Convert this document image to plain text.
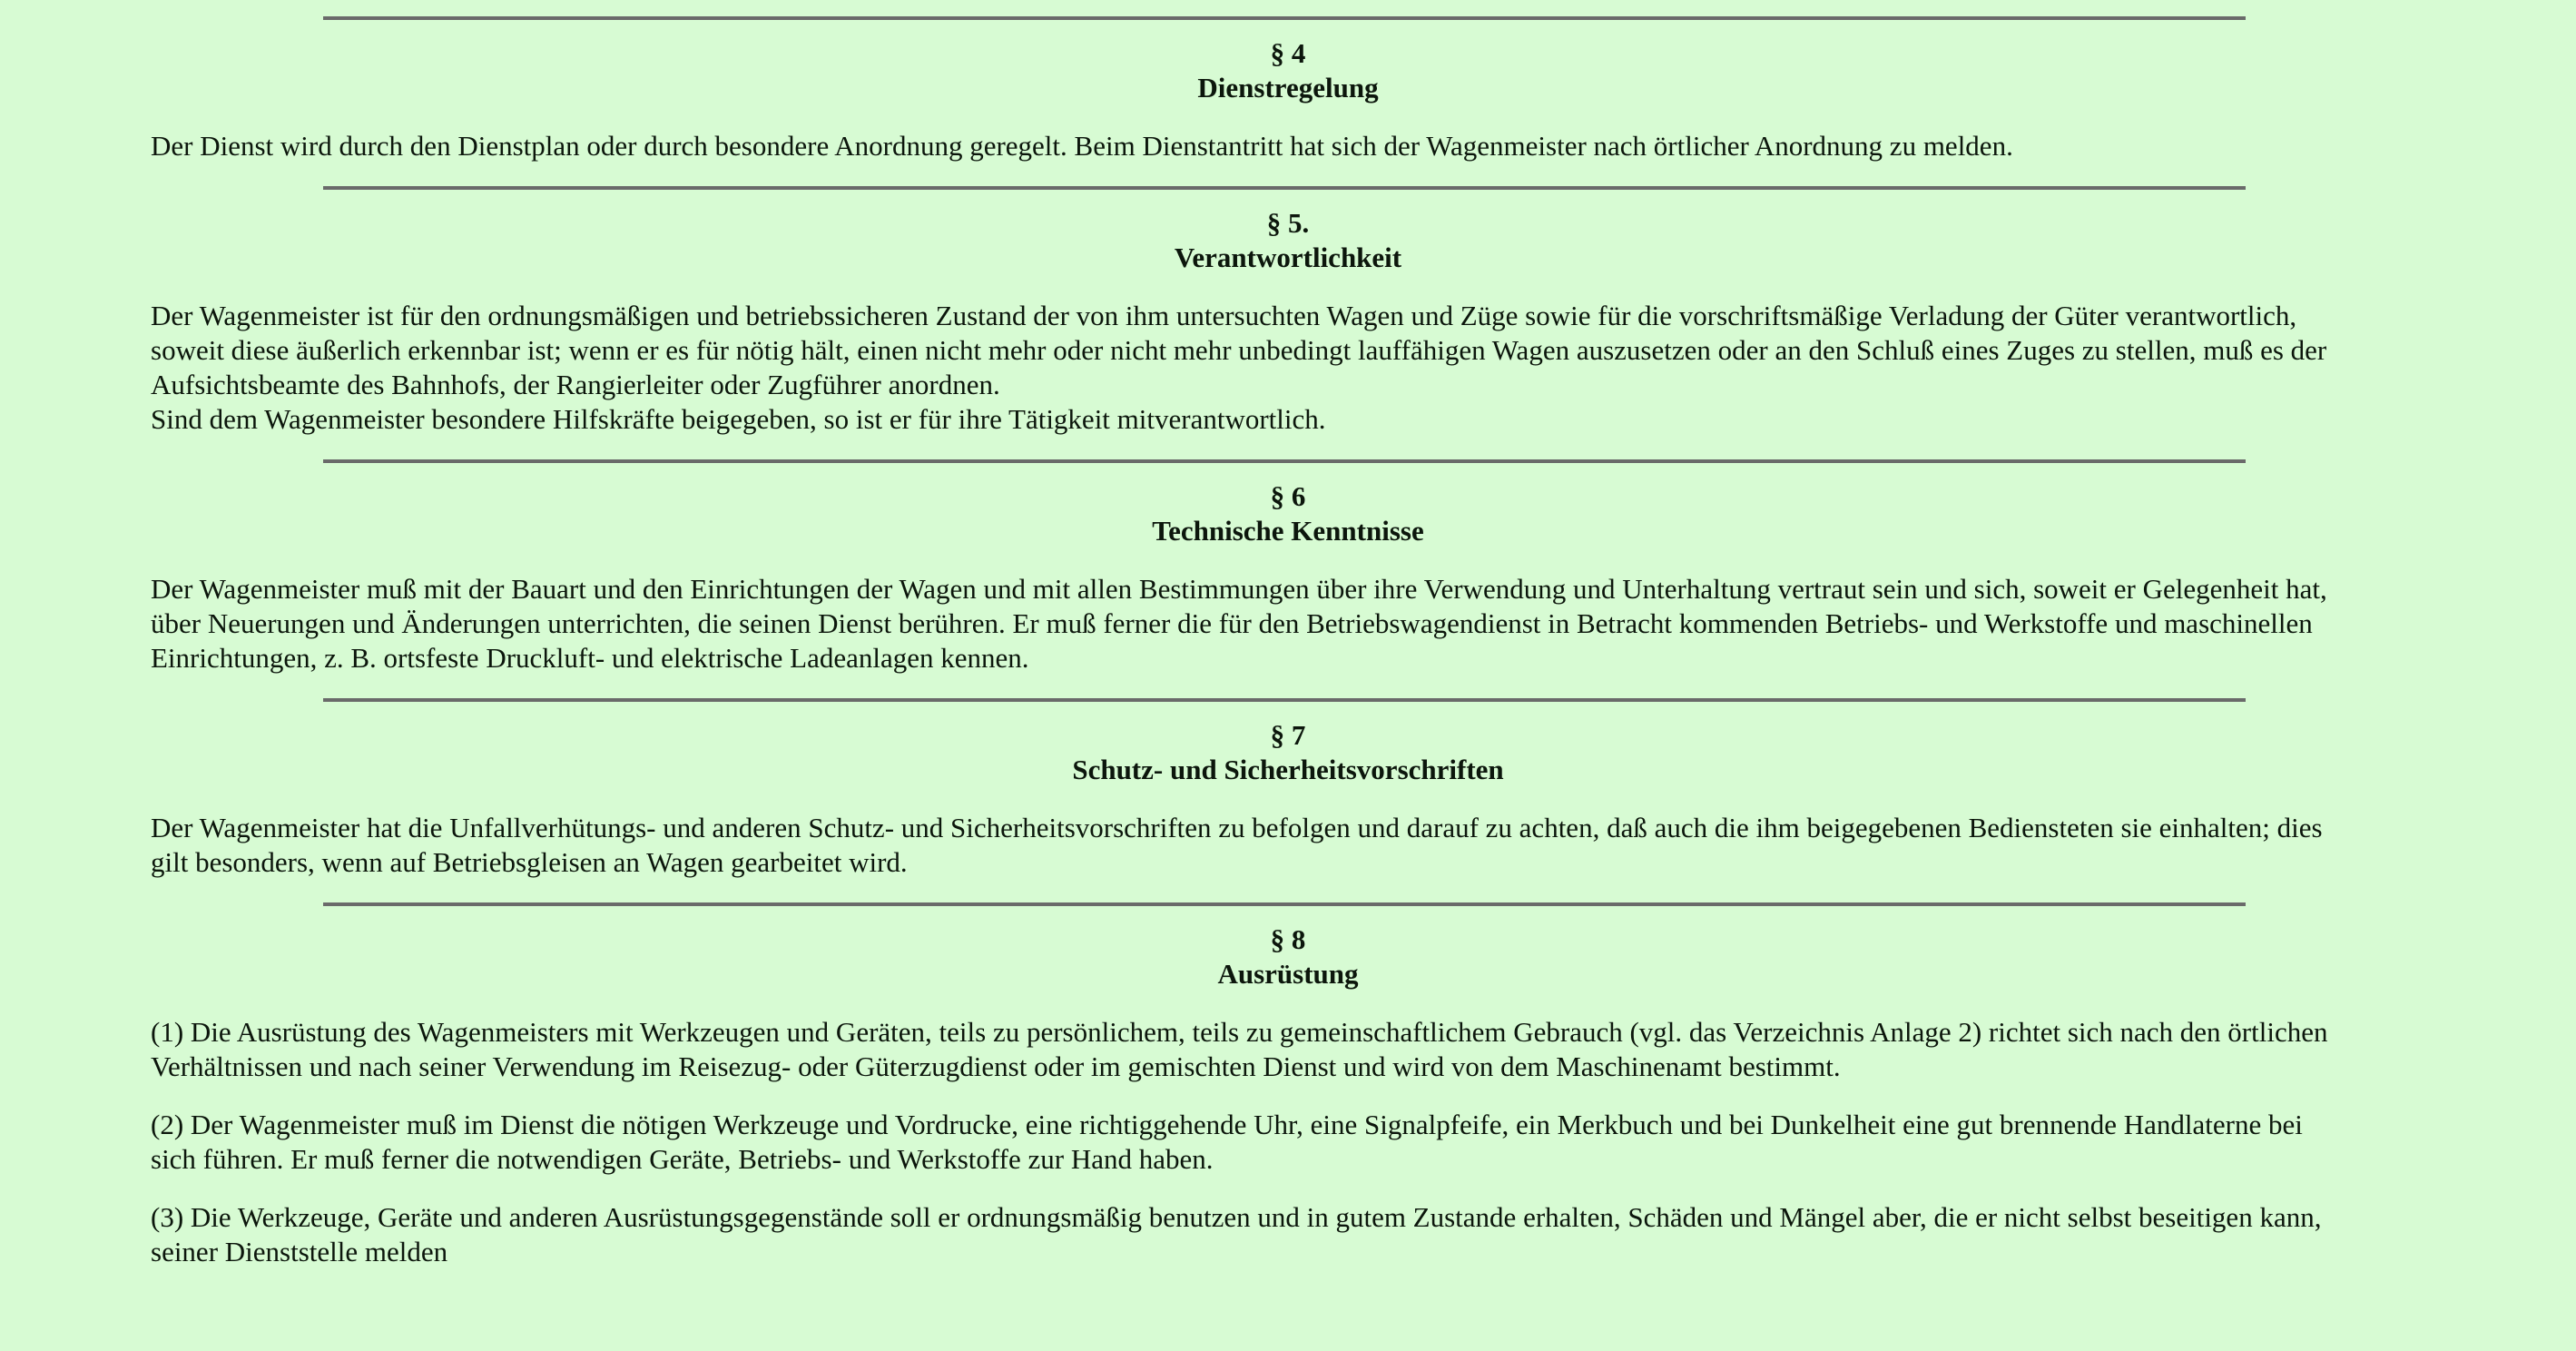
§ 4
Dienstregelung

Der Dienst wird durch den Dienstplan oder durch besondere Anordnung geregelt. Beim Dienstantritt hat sich der Wagenmeister nach örtlicher Anordnung zu melden.

§ 5.
Verantwortlichkeit

Der Wagenmeister ist für den ordnungsmäßigen und betriebssicheren Zustand der von ihm untersuchten Wagen und Züge sowie für die vorschriftsmäßige Verladung der Güter verantwortlich,
soweit diese äußerlich erkennbar ist; wenn er es für nötig hält, einen nicht mehr oder nicht mehr unbedingt lauffähigen Wagen auszusetzen oder an den Schluß eines Zuges zu stellen, muß es der
Aufsichtsbeamte des Bahnhofs, der Rangierleiter oder Zugführer anordnen.
Sind dem Wagenmeister besondere Hilfskräfte beigegeben, so ist er für ihre Tätigkeit mitverantwortlich.

§ 6
Technische Kenntnisse

Der Wagenmeister muß mit der Bauart und den Einrichtungen der Wagen und mit allen Bestimmungen über ihre Verwendung und Unterhaltung vertraut sein und sich, soweit er Gelegenheit hat,
über Neuerungen und Änderungen unterrichten, die seinen Dienst berühren. Er muß ferner die für den Betriebswagendienst in Betracht kommenden Betriebs- und Werkstoffe und maschinellen
Einrichtungen, z. B. ortsfeste Druckluft- und elektrische Ladeanlagen kennen.

§ 7
Schutz- und Sicherheitsvorschriften

Der Wagenmeister hat die Unfallverhütungs- und anderen Schutz- und Sicherheitsvorschriften zu befolgen und darauf zu achten, daß auch die ihm beigegebenen Bediensteten sie einhalten; dies
gilt besonders, wenn auf Betriebsgleisen an Wagen gearbeitet wird.

§ 8
Ausrüstung

(1) Die Ausrüstung des Wagenmeisters mit Werkzeugen und Geräten, teils zu persönlichem, teils zu gemeinschaftlichem Gebrauch (vgl. das Verzeichnis Anlage 2) richtet sich nach den örtlichen
Verhältnissen und nach seiner Verwendung im Reisezug- oder Güterzugdienst oder im gemischten Dienst und wird von dem Maschinenamt bestimmt.

(2) Der Wagenmeister muß im Dienst die nötigen Werkzeuge und Vordrucke, eine richtiggehende Uhr, eine Signalpfeife, ein Merkbuch und bei Dunkelheit eine gut brennende Handlaterne bei
sich führen. Er muß ferner die notwendigen Geräte, Betriebs- und Werkstoffe zur Hand haben.

(3) Die Werkzeuge, Geräte und anderen Ausrüstungsgegenstände soll er ordnungsmäßig benutzen und in gutem Zustande erhalten, Schäden und Mängel aber, die er nicht selbst beseitigen kann,
seiner Dienststelle melden
